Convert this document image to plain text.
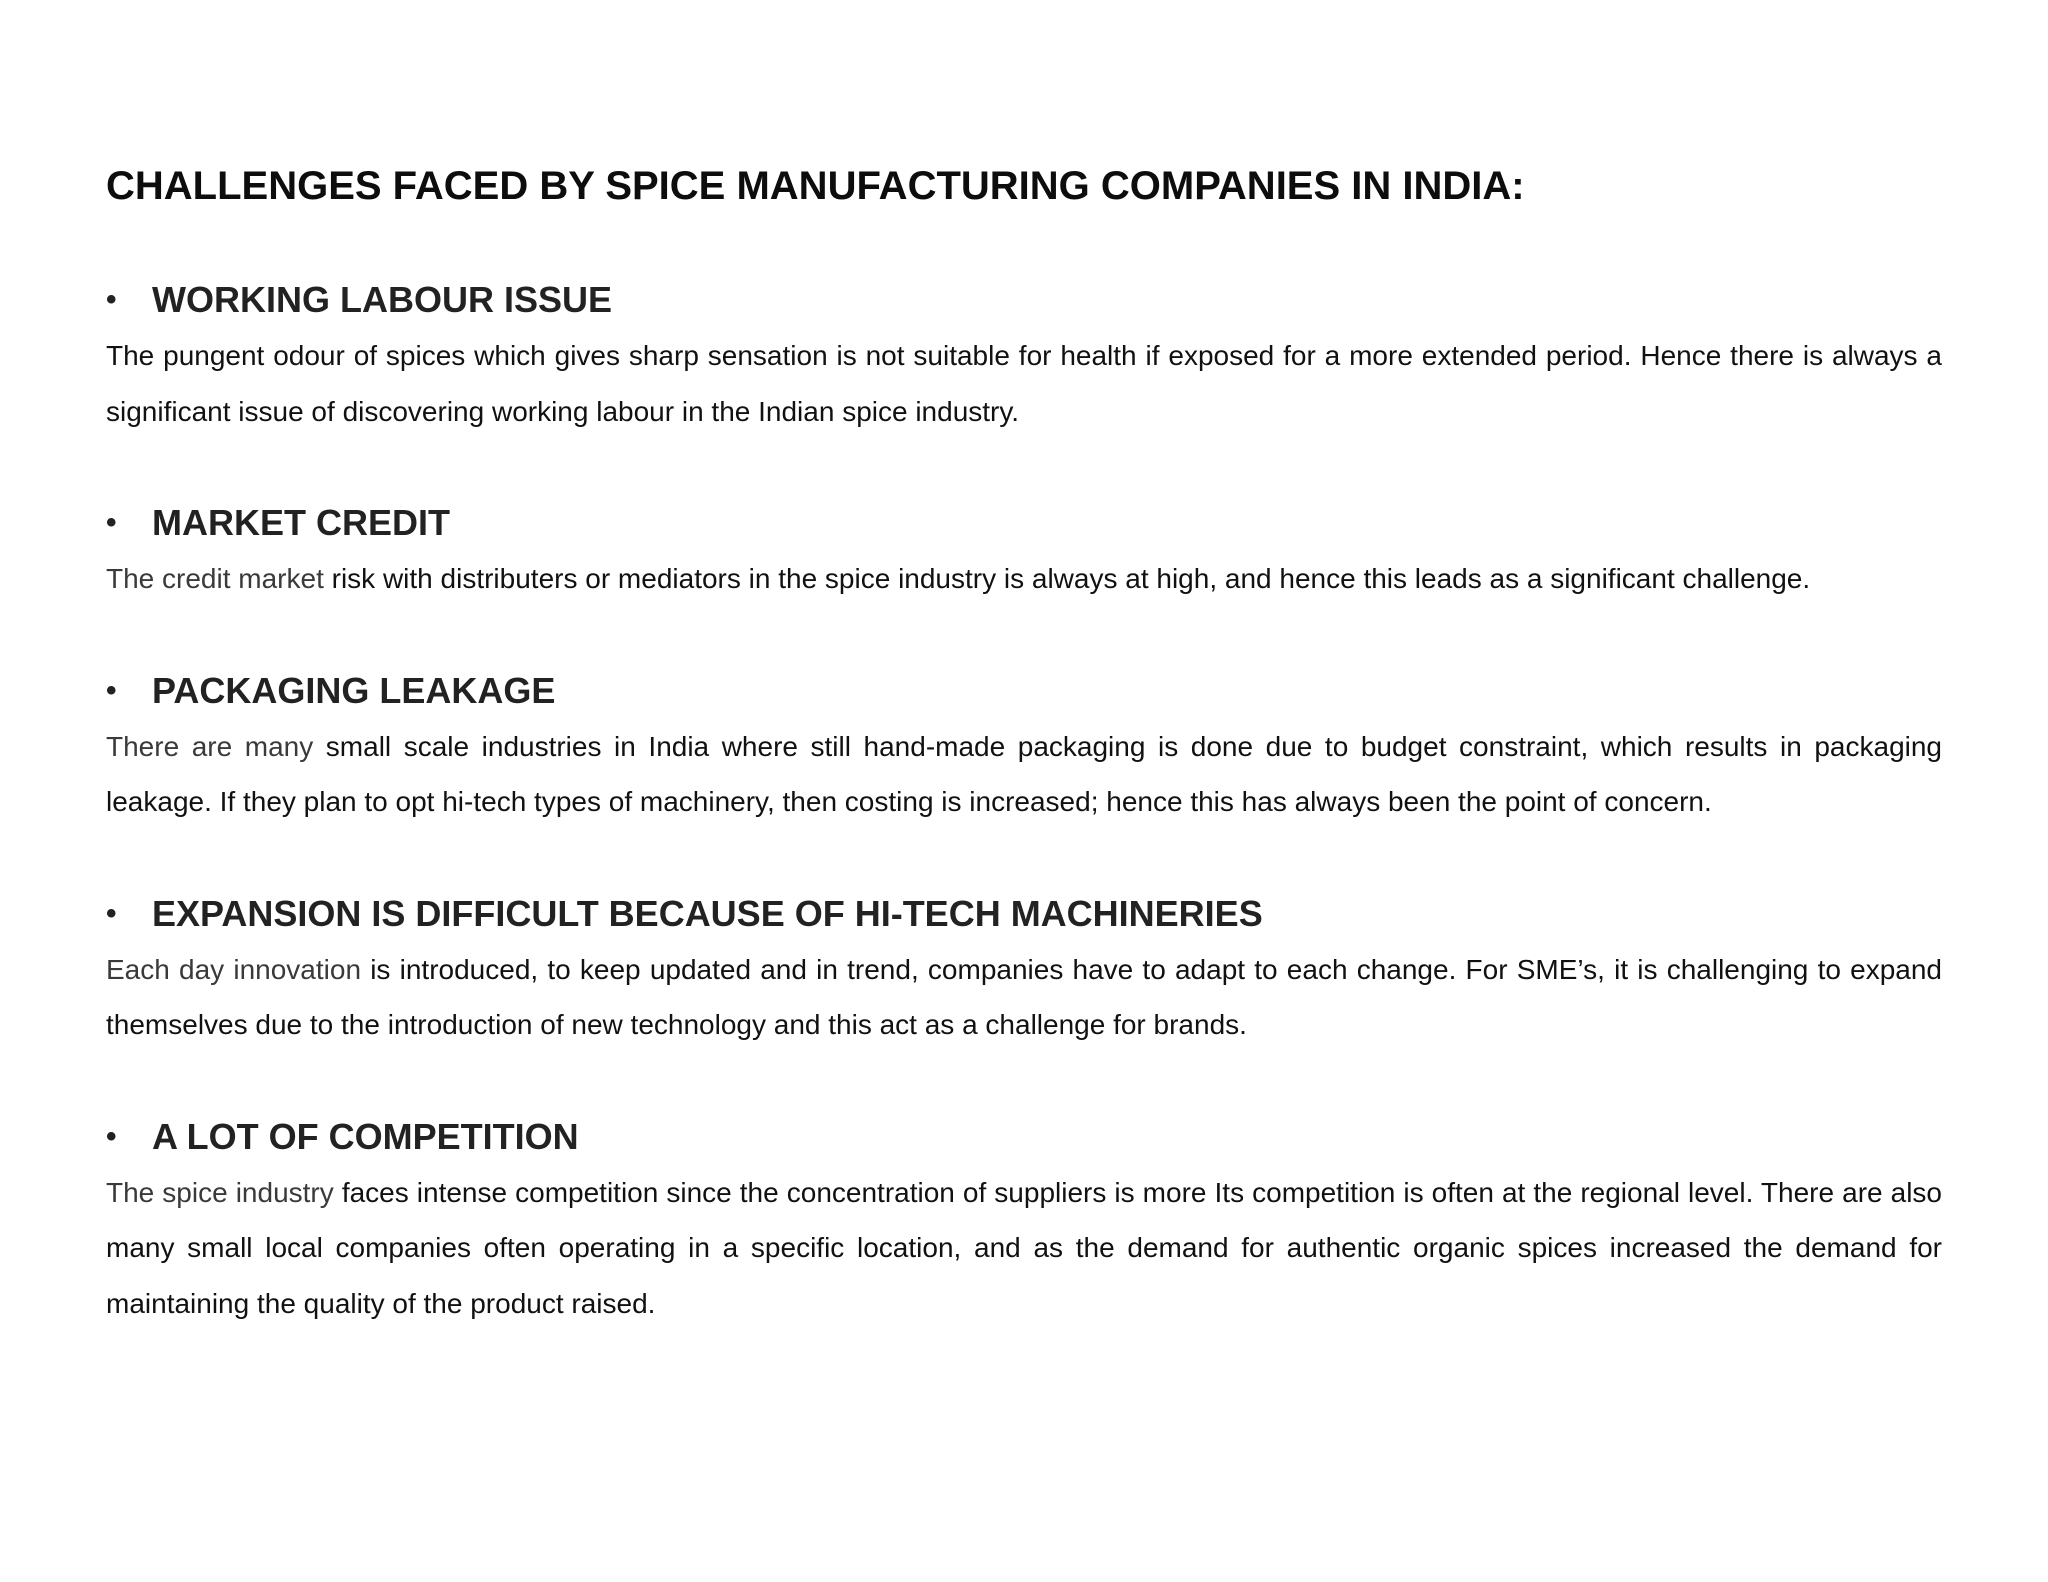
CHALLENGES FACED BY SPICE MANUFACTURING COMPANIES IN INDIA:
• WORKING LABOUR ISSUE

The pungent odour of spices which gives sharp sensation is not suitable for health if exposed for a more extended period. Hence there is always a significant issue of discovering working labour in the Indian spice industry.

• MARKET CREDIT

The credit market risk with distributers or mediators in the spice industry is always at high, and hence this leads as a significant challenge.

• PACKAGING LEAKAGE

There are many small scale industries in India where still hand-made packaging is done due to budget constraint, which results in packaging leakage. If they plan to opt hi-tech types of machinery, then costing is increased; hence this has always been the point of concern.

• EXPANSION IS DIFFICULT BECAUSE OF HI-TECH MACHINERIES

Each day innovation is introduced, to keep updated and in trend, companies have to adapt to each change. For SME’s, it is challenging to expand themselves due to the introduction of new technology and this act as a challenge for brands.

• A LOT OF COMPETITION

The spice industry faces intense competition since the concentration of suppliers is more Its competition is often at the regional level. There are also many small local companies often operating in a specific location, and as the demand for authentic organic spices increased the demand for maintaining the quality of the product raised.
